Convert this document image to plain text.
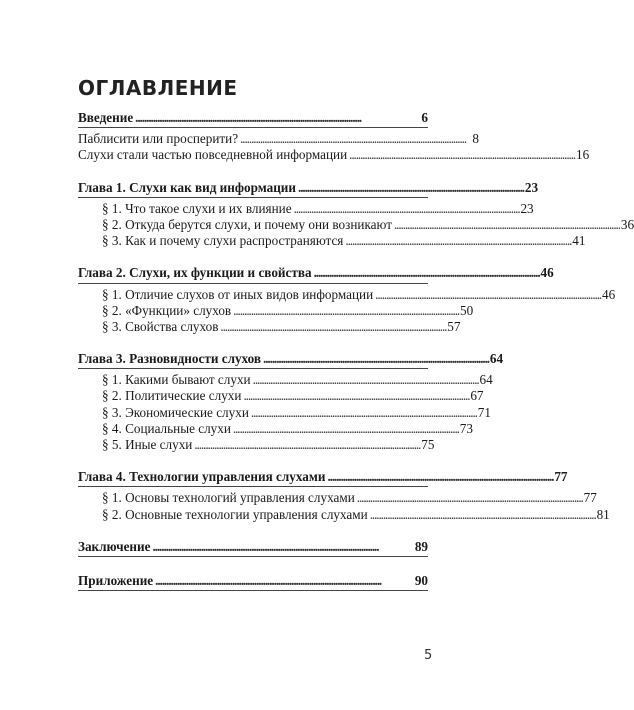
ОГЛАВЛЕНИЕ
Введение . . .	6
Паблисити или просперити? . . .	8
Слухи стали частью повседневной информации . . .	16
Глава 1. Слухи как вид информации . . .	23
§ 1. Что такое слухи и их влияние . . .	23
§ 2. Откуда берутся слухи, и почему они возникают . . .	36
§ 3. Как и почему слухи распространяются . . .	41
Глава 2. Слухи, их функции и свойства . . .	46
§ 1. Отличие слухов от иных видов информации . . .	46
§ 2. «Функции» слухов . . .	50
§ 3. Свойства слухов . . .	57
Глава 3. Разновидности слухов . . .	64
§ 1. Какими бывают слухи . . .	64
§ 2. Политические слухи . . .	67
§ 3. Экономические слухи . . .	71
§ 4. Социальные слухи . . .	73
§ 5. Иные слухи . . .	75
Глава 4. Технологии управления слухами . . .	77
§ 1. Основы технологий управления слухами . . .	77
§ 2. Основные технологии управления слухами . . .	81
Заключение . . .	89
Приложение . . .	90
5
